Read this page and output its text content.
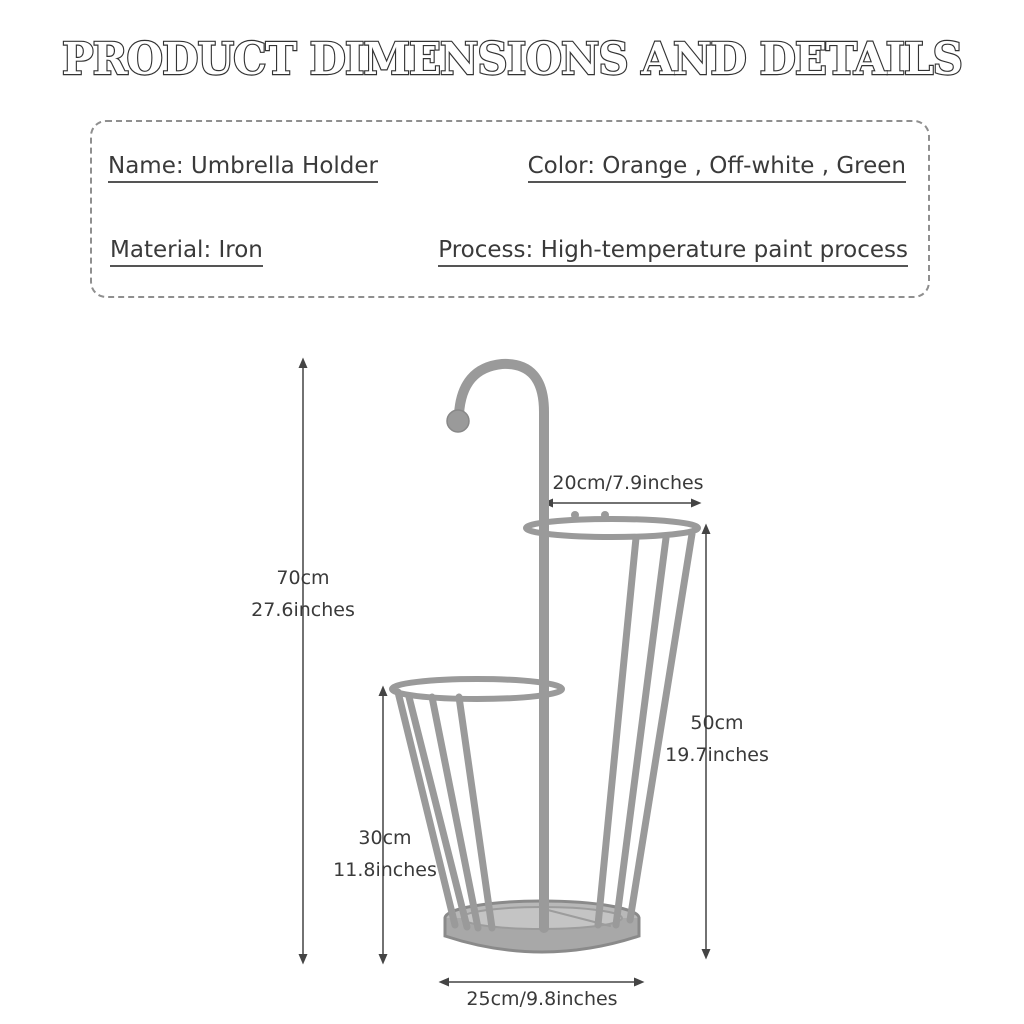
PRODUCT DIMENSIONS AND DETAILS
Name: Umbrella Holder	Color: Orange , Off-white , Green
Material: Iron	Process: High-temperature paint process
70cm
27.6inches
20cm/7.9inches
50cm
19.7inches
30cm
11.8inches
25cm/9.8inches
